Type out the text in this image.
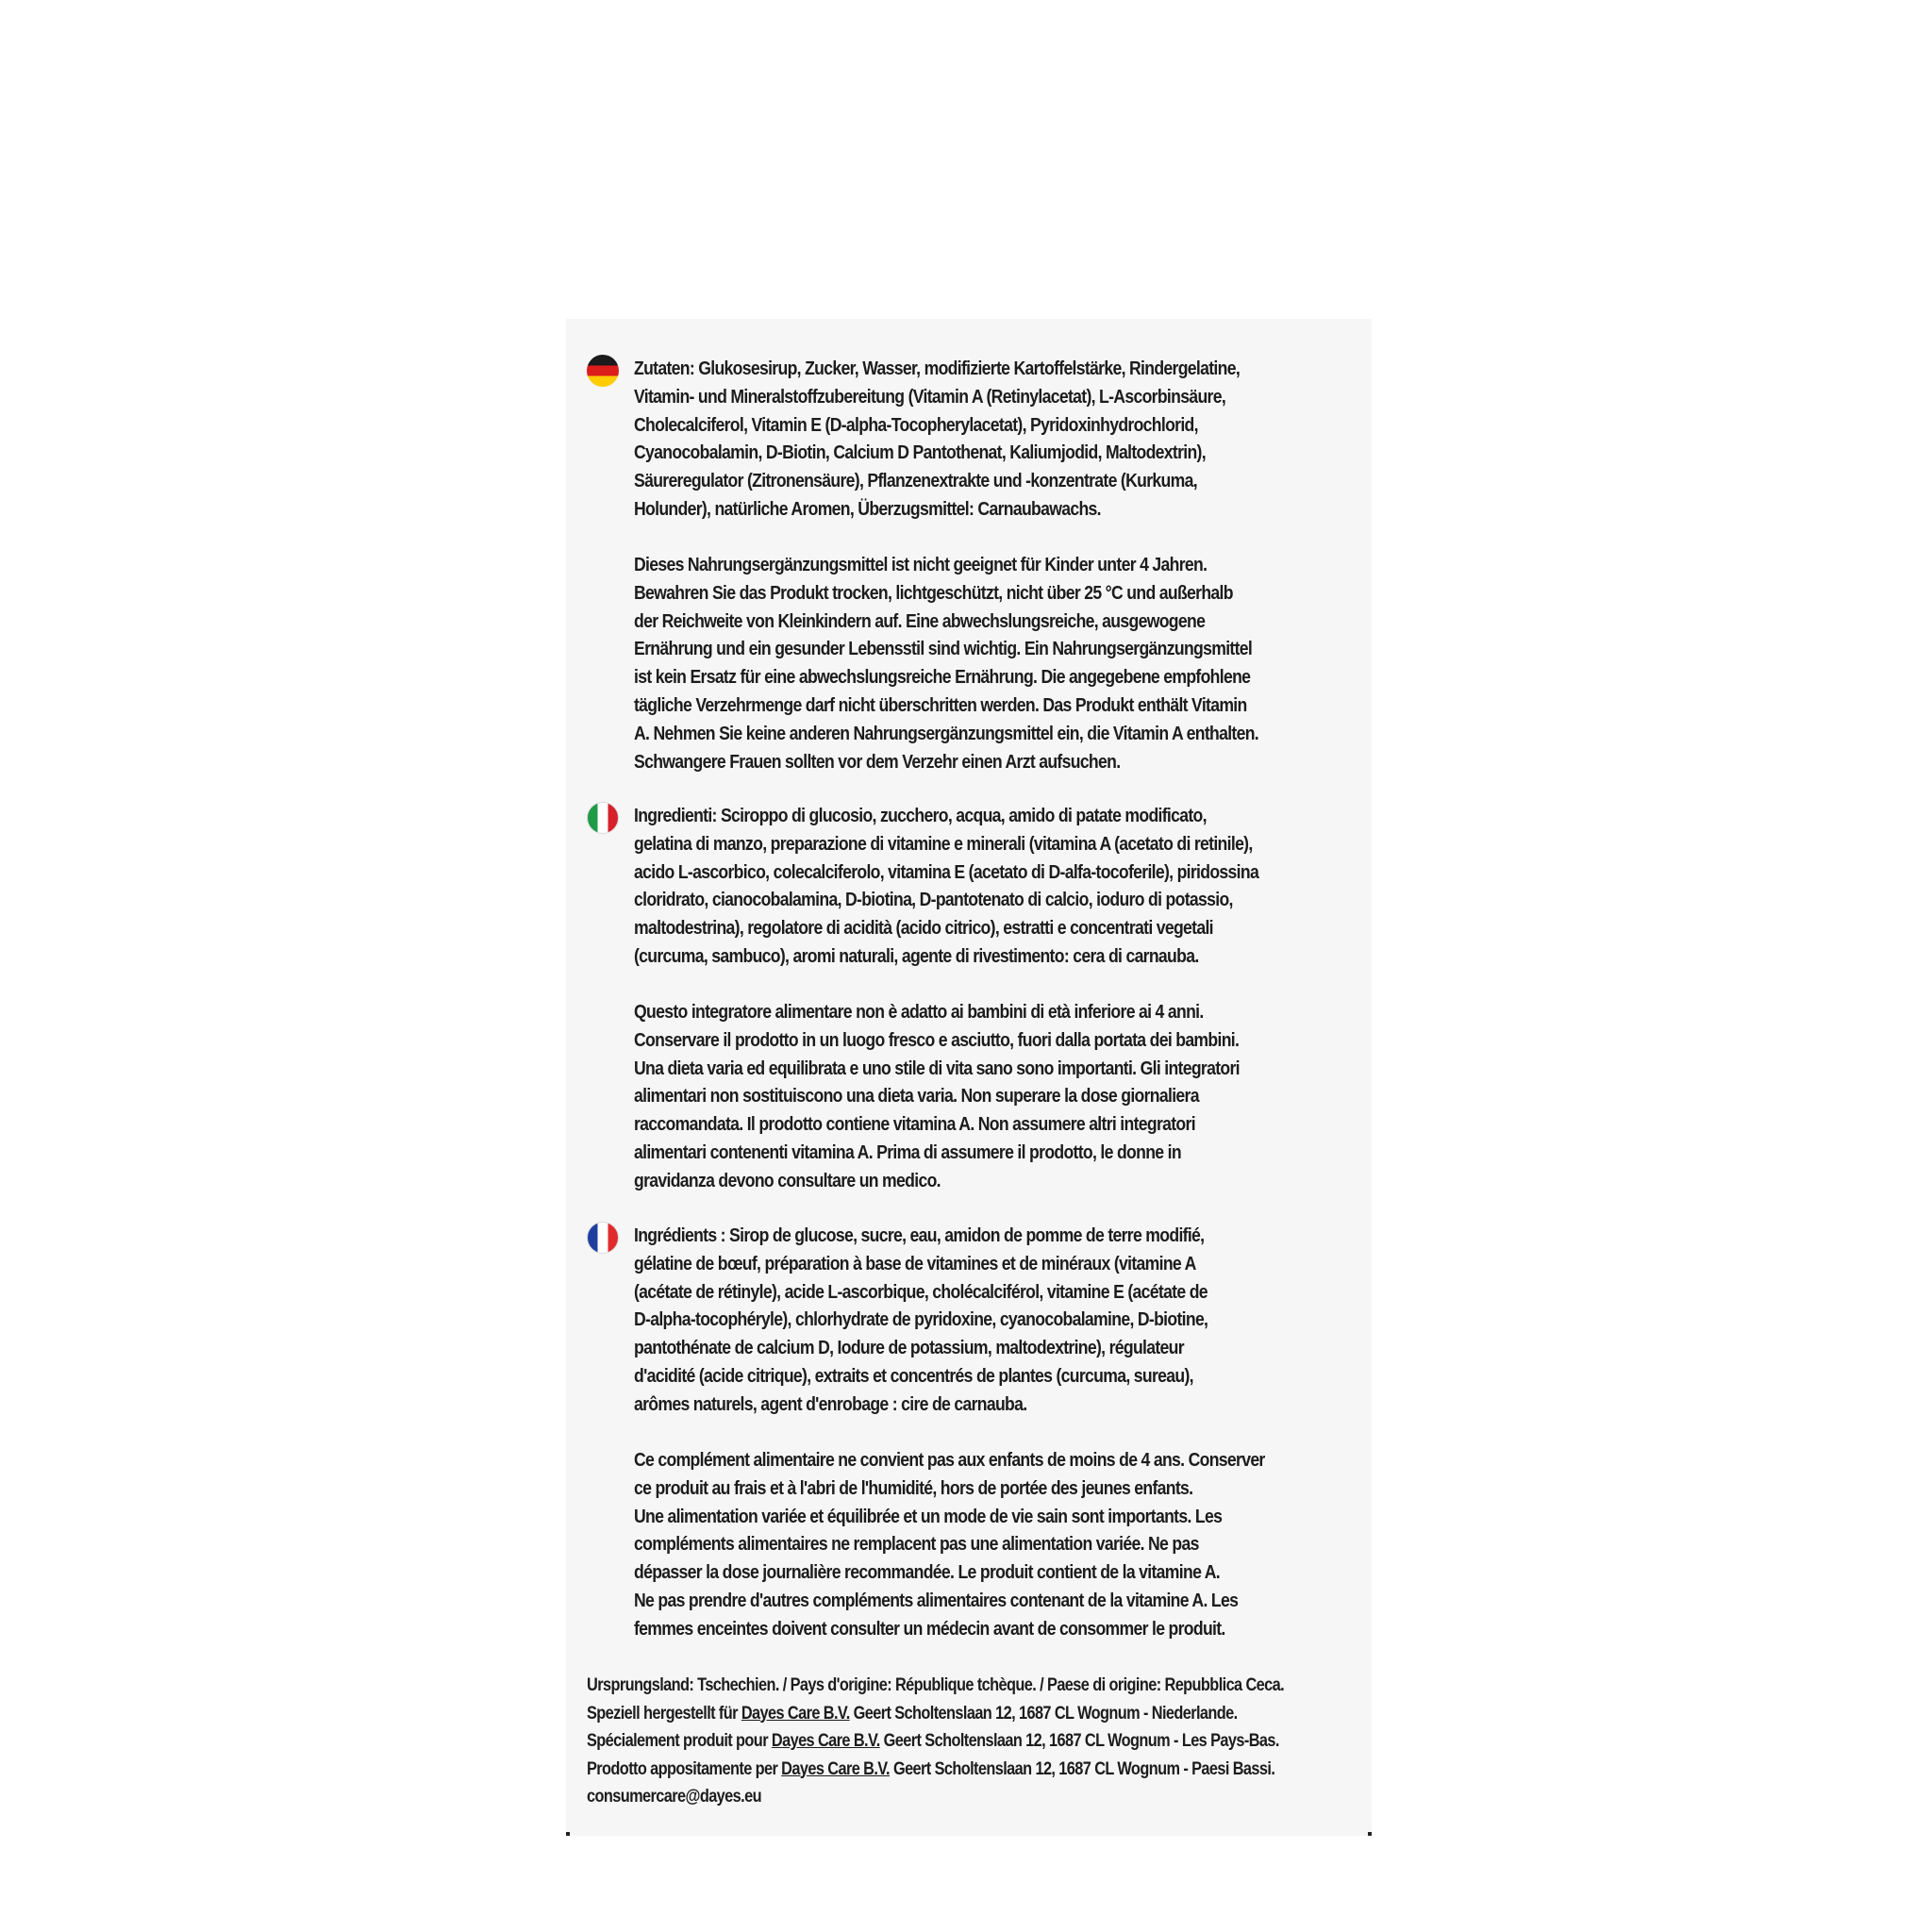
Zutaten: Glukosesirup, Zucker, Wasser, modifizierte Kartoffelstärke, Rindergelatine,
Vitamin- und Mineralstoffzubereitung (Vitamin A (Retinylacetat), L-Ascorbinsäure,
Cholecalciferol, Vitamin E (D-alpha-Tocopherylacetat), Pyridoxinhydrochlorid,
Cyanocobalamin, D-Biotin, Calcium D Pantothenat, Kaliumjodid, Maltodextrin),
Säureregulator (Zitronensäure), Pflanzenextrakte und -konzentrate (Kurkuma,
Holunder), natürliche Aromen, Überzugsmittel: Carnaubawachs.

Dieses Nahrungsergänzungsmittel ist nicht geeignet für Kinder unter 4 Jahren.
Bewahren Sie das Produkt trocken, lichtgeschützt, nicht über 25 °C und außerhalb
der Reichweite von Kleinkindern auf. Eine abwechslungsreiche, ausgewogene
Ernährung und ein gesunder Lebensstil sind wichtig. Ein Nahrungsergänzungsmittel
ist kein Ersatz für eine abwechslungsreiche Ernährung. Die angegebene empfohlene
tägliche Verzehrmenge darf nicht überschritten werden. Das Produkt enthält Vitamin
A. Nehmen Sie keine anderen Nahrungsergänzungsmittel ein, die Vitamin A enthalten.
Schwangere Frauen sollten vor dem Verzehr einen Arzt aufsuchen.

Ingredienti: Sciroppo di glucosio, zucchero, acqua, amido di patate modificato,
gelatina di manzo, preparazione di vitamine e minerali (vitamina A (acetato di retinile),
acido L-ascorbico, colecalciferolo, vitamina E (acetato di D-alfa-tocoferile), piridossina
cloridrato, cianocobalamina, D-biotina, D-pantotenato di calcio, ioduro di potassio,
maltodestrina), regolatore di acidità (acido citrico), estratti e concentrati vegetali
(curcuma, sambuco), aromi naturali, agente di rivestimento: cera di carnauba.

Questo integratore alimentare non è adatto ai bambini di età inferiore ai 4 anni.
Conservare il prodotto in un luogo fresco e asciutto, fuori dalla portata dei bambini.
Una dieta varia ed equilibrata e uno stile di vita sano sono importanti. Gli integratori
alimentari non sostituiscono una dieta varia. Non superare la dose giornaliera
raccomandata. Il prodotto contiene vitamina A. Non assumere altri integratori
alimentari contenenti vitamina A. Prima di assumere il prodotto, le donne in
gravidanza devono consultare un medico.

Ingrédients : Sirop de glucose, sucre, eau, amidon de pomme de terre modifié,
gélatine de bœuf, préparation à base de vitamines et de minéraux (vitamine A
(acétate de rétinyle), acide L-ascorbique, cholécalciférol, vitamine E (acétate de
D-alpha-tocophéryle), chlorhydrate de pyridoxine, cyanocobalamine, D-biotine,
pantothénate de calcium D, Iodure de potassium, maltodextrine), régulateur
d'acidité (acide citrique), extraits et concentrés de plantes (curcuma, sureau),
arômes naturels, agent d'enrobage : cire de carnauba.

Ce complément alimentaire ne convient pas aux enfants de moins de 4 ans. Conserver
ce produit au frais et à l'abri de l'humidité, hors de portée des jeunes enfants.
Une alimentation variée et équilibrée et un mode de vie sain sont importants. Les
compléments alimentaires ne remplacent pas une alimentation variée. Ne pas
dépasser la dose journalière recommandée. Le produit contient de la vitamine A.
Ne pas prendre d'autres compléments alimentaires contenant de la vitamine A. Les
femmes enceintes doivent consulter un médecin avant de consommer le produit.

Ursprungsland: Tschechien. / Pays d'origine: République tchèque. / Paese di origine: Repubblica Ceca.
Speziell hergestellt für Dayes Care B.V. Geert Scholtenslaan 12, 1687 CL Wognum - Niederlande.
Spécialement produit pour Dayes Care B.V. Geert Scholtenslaan 12, 1687 CL Wognum - Les Pays-Bas.
Prodotto appositamente per Dayes Care B.V. Geert Scholtenslaan 12, 1687 CL Wognum - Paesi Bassi.
consumercare@dayes.eu
